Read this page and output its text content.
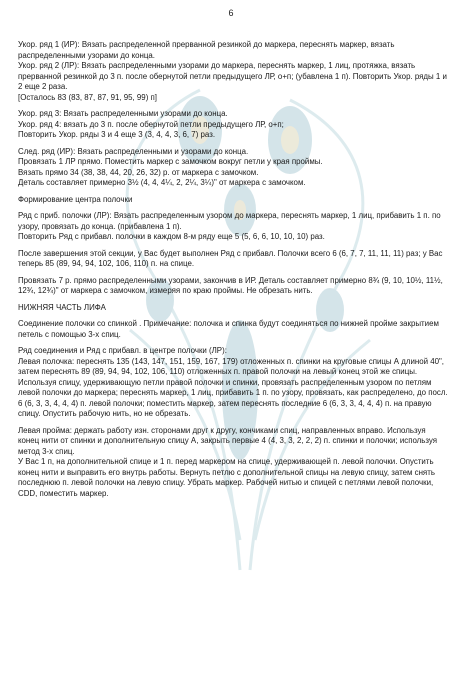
6

Укор. ряд 1 (ИР): Вязать распределенной прерванной резинкой до маркера, переснять маркер, вязать распределенными узорами до конца.
Укор. ряд 2 (ЛР): Вязать распределенными узорами до маркера, переснять маркер, 1 лиц, протяжка, вязать прерванной резинкой до 3 п. после обернутой петли предыдущего ЛР, о+п; (убавлена 1 п). Повторить Укор. ряды 1 и 2 еще 2 раза.
[Осталось 83 (83, 87, 87, 91, 95, 99) п]

Укор. ряд 3: Вязать распределенными узорами до конца.
Укор. ряд 4: вязать до 3 п. после обернутой петли предыдущего ЛР, о+п;
Повторить Укор. ряды 3 и 4 еще 3 (3, 4, 4, 3, 6, 7) раз.

След. ряд (ИР): Вязать распределенными и узорами до конца.
Провязать 1 ЛР прямо. Поместить маркер с замочком вокруг петли у края проймы.
Вязать прямо 34 (38, 38, 44, 20, 26, 32) р. от маркера с замочком.
Деталь составляет примерно 3½ (4, 4, 4¼, 2, 2¼, 3¼)" от маркера с замочком.

Формирование центра полочки

Ряд с приб. полочки (ЛР): Вязать распределенным узором до маркера, переснять маркер, 1 лиц, прибавить 1 п. по узору, провязать до конца. (прибавлена 1 п).
Повторить Ряд с прибавл. полочки в каждом 8-м ряду еще 5 (5, 6, 6, 10, 10, 10) раз.

После завершения этой секции, у Вас будет выполнен Ряд с прибавл. Полочки всего 6 (6, 7, 7, 11, 11, 11) раз; у Вас теперь 85 (89, 94, 94, 102, 106, 110) п. на спице.

Провязать 7 р. прямо распределенными узорами, закончив в ИР. Деталь составляет примерно 8¾ (9, 10, 10½, 11½, 12¾, 12¾)" от маркера с замочком, измеряя по краю проймы. Не обрезать нить.

НИЖНЯЯ ЧАСТЬ ЛИФА

Соединение полочки со спинкой . Примечание: полочка и спинка будут соединяться по нижней пройме закрытием петель с помощью 3-х спиц.

Ряд соединения и Ряд с прибавл. в центре полочки (ЛР):
Левая полочка: переснять 135 (143, 147, 151, 159, 167, 179) отложенных п. спинки на круговые спицы А длиной 40", затем переснять 89 (89, 94, 94, 102, 106, 110) отложенных п. правой полочки на левый конец этой же спицы. Используя спицу, удерживающую петли правой полочки и спинки, провязать распределенным узором по петлям левой полочки до маркера; переснять маркер, 1 лиц, прибавить 1 п. по узору, провязать, как распределено, до посл. 6 (6, 3, 3, 4, 4, 4) п. левой полочки; поместить маркер, затем переснять последние 6 (6, 3, 3, 4, 4, 4) п. на правую спицу. Опустить рабочую нить, но не обрезать.

Левая пройма: держать работу изн. сторонами друг к другу, кончиками спиц, направленных вправо. Используя конец нити от спинки и дополнительную спицу А, закрыть первые 4 (4, 3, 3, 2, 2, 2) п. спинки и полочки; используя метод 3-х спиц.
У Вас 1 п, на дополнительной спице и 1 п. перед маркером на спице, удерживающей п. левой полочки. Опустить конец нити и выправить его внутрь работы. Вернуть петлю с дополнительной спицы на левую спицу, затем снять последнюю п. левой полочки на левую спицу. Убрать маркер. Рабочей нитью и спицей с петлями левой полочки, CDD, поместить маркер.
